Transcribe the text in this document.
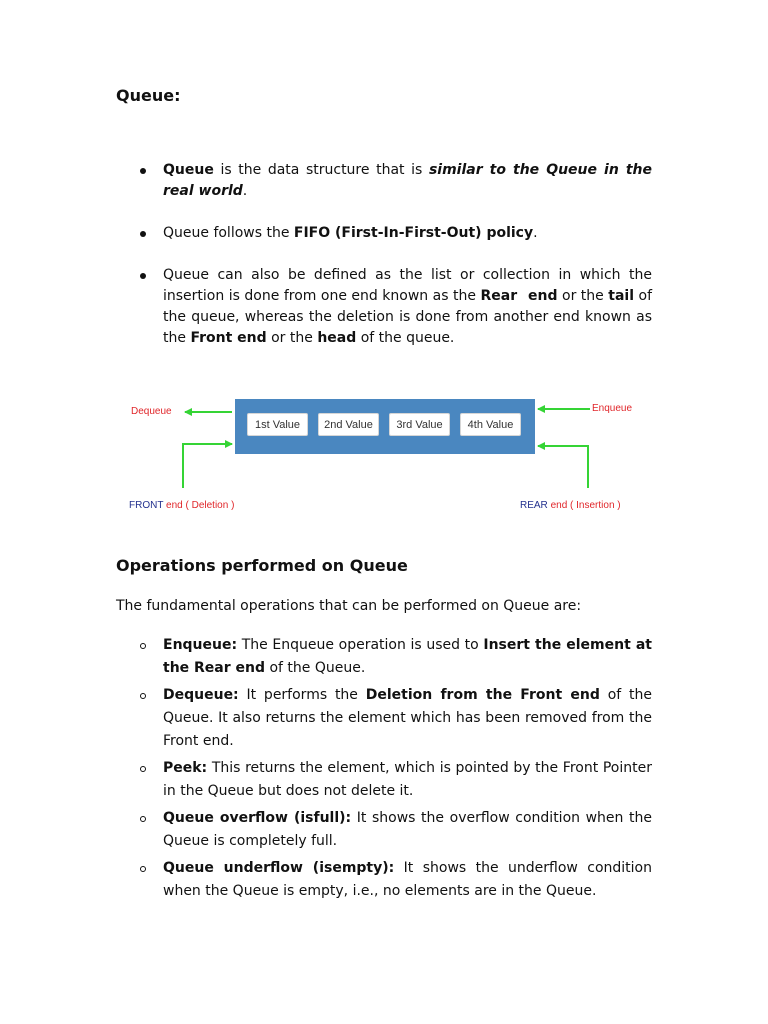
Queue:
Queue is the data structure that is similar to the Queue in the real world.
Queue follows the FIFO (First-In-First-Out) policy.
Queue can also be defined as the list or collection in which the insertion is done from one end known as the Rear end or the tail of the queue, whereas the deletion is done from another end known as the Front end or the head of the queue.
1st Value	2nd Value	3rd Value	4th Value
Dequeue	Enqueue
FRONT end ( Deletion )	REAR end ( Insertion )
Operations performed on Queue

The fundamental operations that can be performed on Queue are:

Enqueue: The Enqueue operation is used to Insert the element at the Rear end of the Queue.
Dequeue: It performs the Deletion from the Front end of the Queue. It also returns the element which has been removed from the Front end.
Peek: This returns the element, which is pointed by the Front Pointer in the Queue but does not delete it.
Queue overflow (isfull): It shows the overflow condition when the Queue is completely full.
Queue underflow (isempty): It shows the underflow condition when the Queue is empty, i.e., no elements are in the Queue.
